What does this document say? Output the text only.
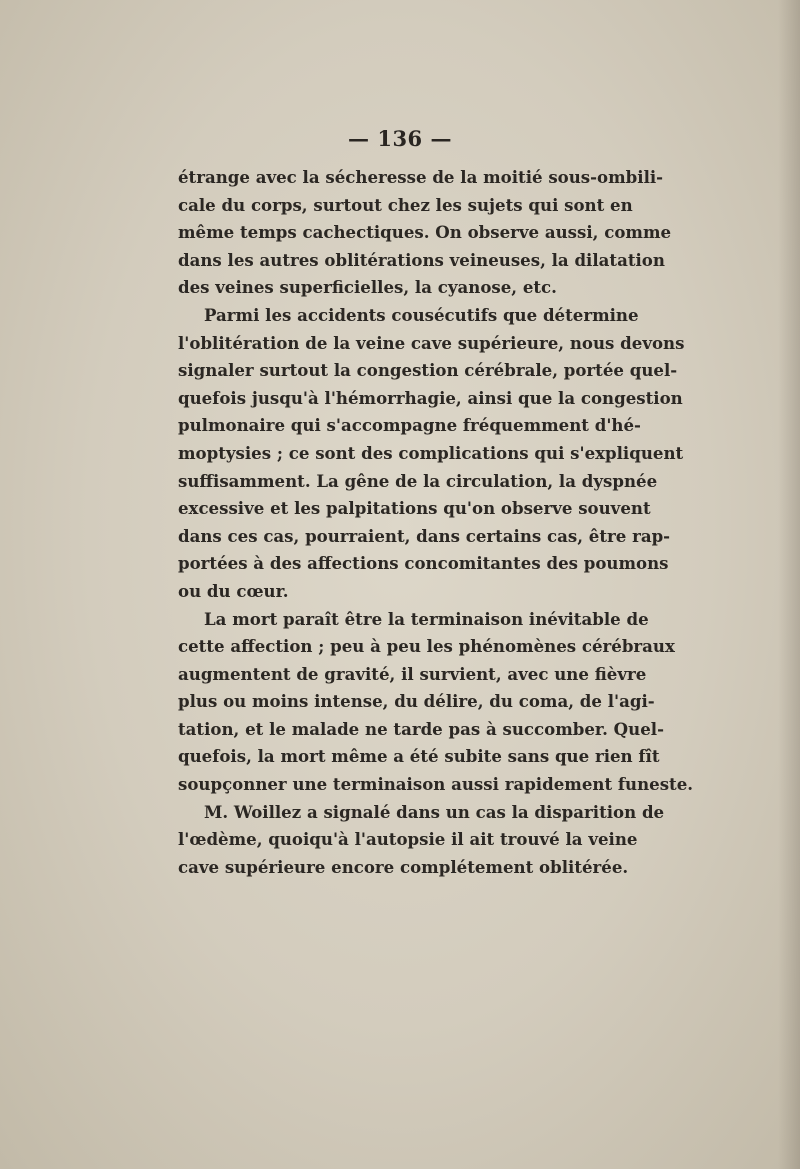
— 136 —
étrange avec la sécheresse de la moitié sous-ombili-
cale du corps, surtout chez les sujets qui sont en
même temps cachectiques. On observe aussi, comme
dans les autres oblitérations veineuses, la dilatation
des veines superficielles, la cyanose, etc.
Parmi les accidents cousécutifs que détermine
l'oblitération de la veine cave supérieure, nous devons
signaler surtout la congestion cérébrale, portée quel-
quefois jusqu'à l'hémorrhagie, ainsi que la congestion
pulmonaire qui s'accompagne fréquemment d'hé-
moptysies ; ce sont des complications qui s'expliquent
suffisamment. La gêne de la circulation, la dyspnée
excessive et les palpitations qu'on observe souvent
dans ces cas, pourraient, dans certains cas, être rap-
portées à des affections concomitantes des poumons
ou du cœur.
La mort paraît être la terminaison inévitable de
cette affection ; peu à peu les phénomènes cérébraux
augmentent de gravité, il survient, avec une fièvre
plus ou moins intense, du délire, du coma, de l'agi-
tation, et le malade ne tarde pas à succomber. Quel-
quefois, la mort même a été subite sans que rien fît
soupçonner une terminaison aussi rapidement funeste.
M. Woillez a signalé dans un cas la disparition de
l'œdème, quoiqu'à l'autopsie il ait trouvé la veine
cave supérieure encore complétement oblitérée.
